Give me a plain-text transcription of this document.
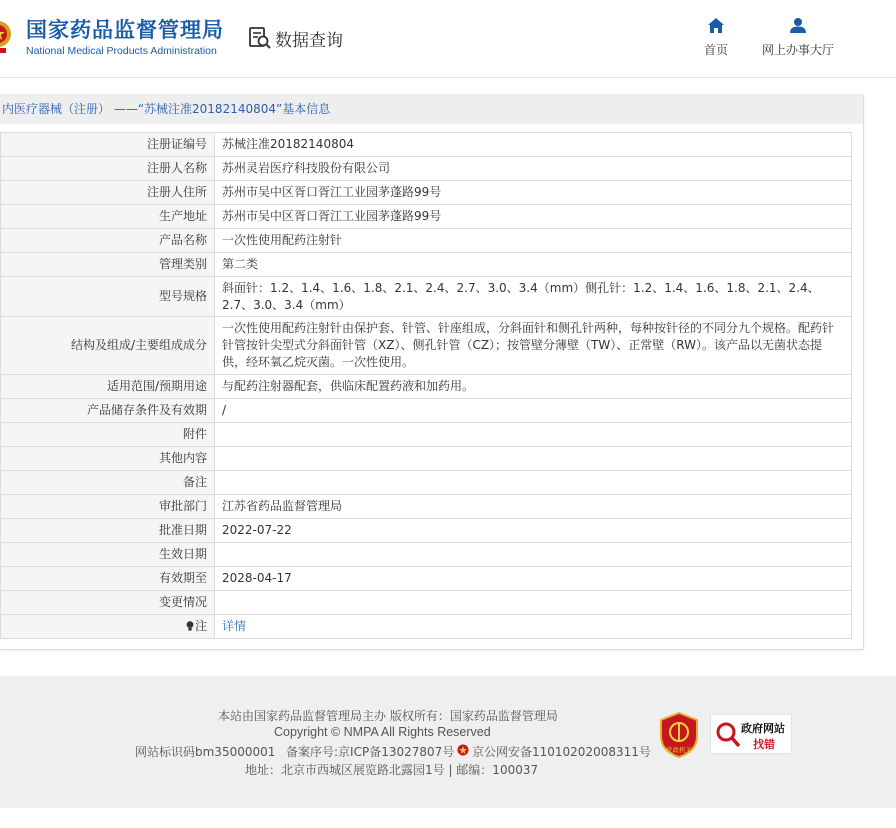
国家药品监督管理局
National Medical Products Administration
数据查询	首页	网上办事大厅
内医疗器械（注册） ——“苏械注准20182140804”基本信息
注册证编号	苏械注准20182140804
注册人名称	苏州灵岩医疗科技股份有限公司
注册人住所	苏州市吴中区胥口胥江工业园茅蓬路99号
生产地址	苏州市吴中区胥口胥江工业园茅蓬路99号
产品名称	一次性使用配药注射针
管理类别	第二类
型号规格	斜面针：1.2、1.4、1.6、1.8、2.1、2.4、2.7、3.0、3.4（mm）侧孔针：1.2、1.4、1.6、1.8、2.1、2.4、2.7、3.0、3.4（mm）
结构及组成/主要组成成分	一次性使用配药注射针由保护套、针管、针座组成，分斜面针和侧孔针两种，每种按针径的不同分九个规格。配药针针管按针尖型式分斜面针管（XZ）、侧孔针管（CZ）；按管壁分薄壁（TW）、正常壁（RW）。该产品以无菌状态提供，经环氧乙烷灭菌。一次性使用。
适用范围/预期用途	与配药注射器配套，供临床配置药液和加药用。
产品储存条件及有效期	/
附件	
其他内容	
备注	
审批部门	江苏省药品监督管理局
批准日期	2022-07-22
生效日期	
有效期至	2028-04-17
变更情况	
注	详情
本站由国家药品监督管理局主办 版权所有：国家药品监督管理局
Copyright © NMPA All Rights Reserved
网站标识码bm35000001 备案序号:京ICP备13027807号 京公网安备11010202008311号
地址：北京市西城区展览路北露园1号 | 邮编：100037
党政机关
政府网站
找错
